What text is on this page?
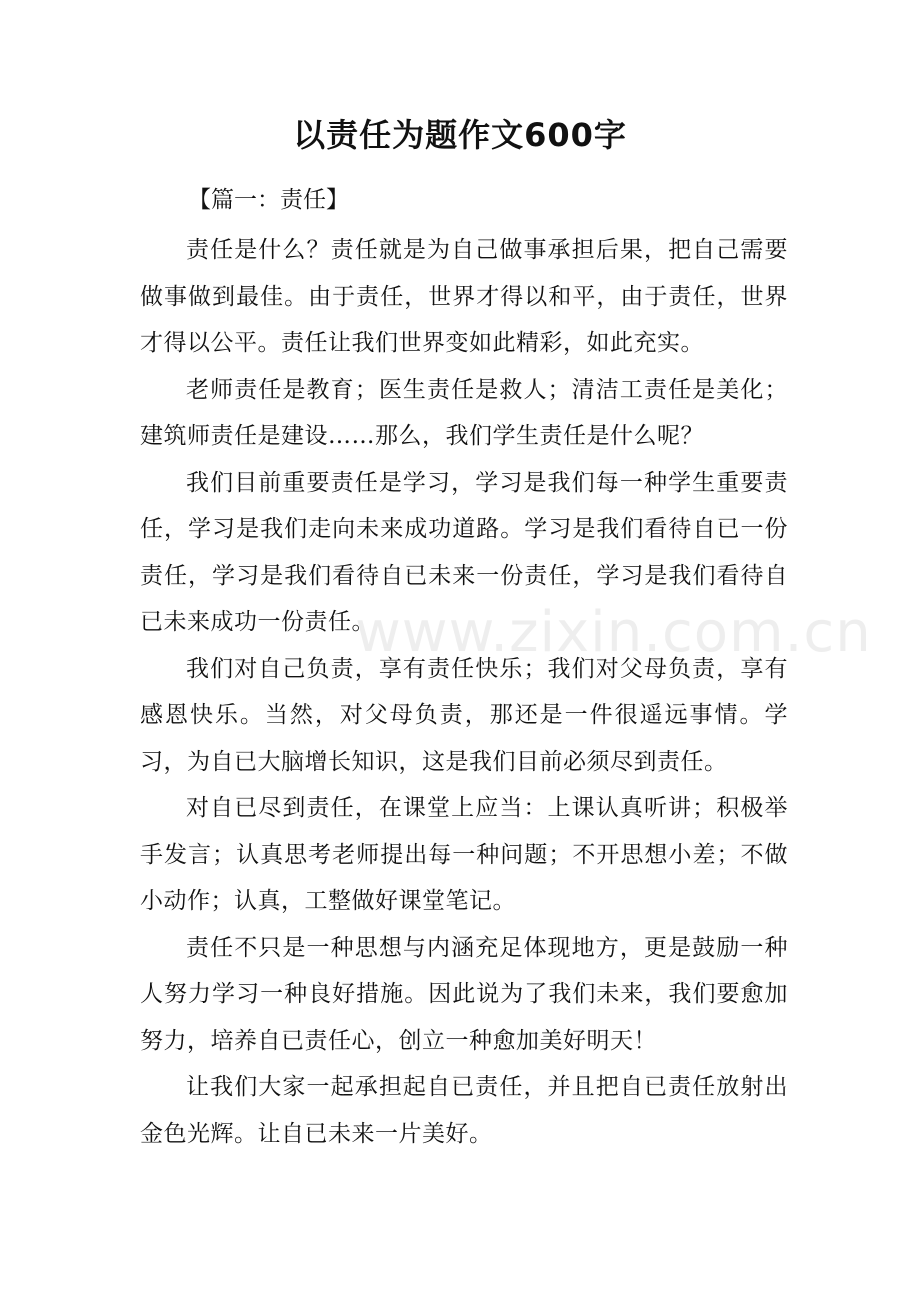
以责任为题作文600字

【篇一：责任】

责任是什么？责任就是为自己做事承担后果，把自己需要做事做到最佳。由于责任，世界才得以和平，由于责任，世界才得以公平。责任让我们世界变如此精彩，如此充实。

老师责任是教育；医生责任是救人；清洁工责任是美化；建筑师责任是建设……那么，我们学生责任是什么呢？

我们目前重要责任是学习，学习是我们每一种学生重要责任，学习是我们走向未来成功道路。学习是我们看待自已一份责任，学习是我们看待自已未来一份责任，学习是我们看待自已未来成功一份责任。

我们对自己负责，享有责任快乐；我们对父母负责，享有感恩快乐。当然，对父母负责，那还是一件很遥远事情。学习，为自已大脑增长知识，这是我们目前必须尽到责任。

对自已尽到责任，在课堂上应当：上课认真听讲；积极举手发言；认真思考老师提出每一种问题；不开思想小差；不做小动作；认真，工整做好课堂笔记。

责任不只是一种思想与内涵充足体现地方，更是鼓励一种人努力学习一种良好措施。因此说为了我们未来，我们要愈加努力，培养自已责任心，创立一种愈加美好明天！

让我们大家一起承担起自已责任，并且把自已责任放射出金色光辉。让自已未来一片美好。

www.zixin.com.cn
